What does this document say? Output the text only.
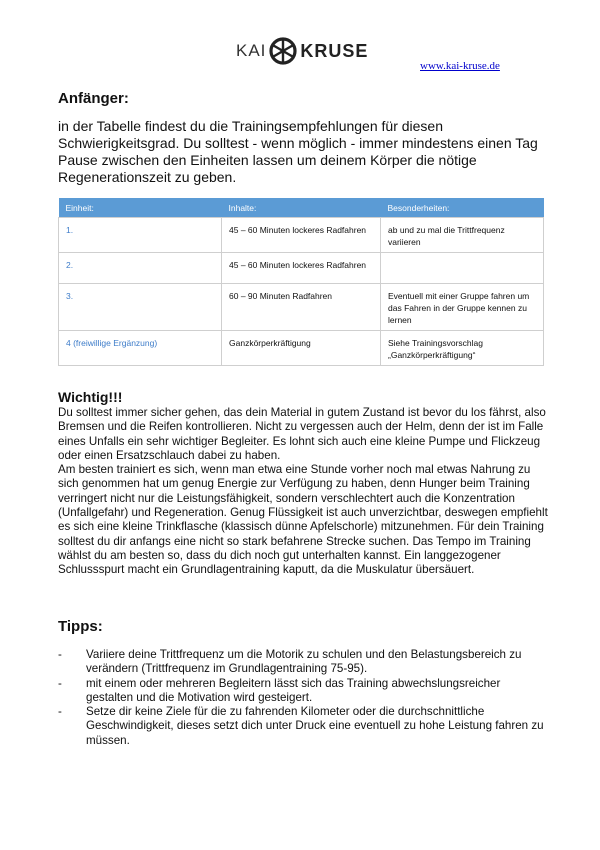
KAI KRUSE
www.kai-kruse.de
Anfänger:

in der Tabelle findest du die Trainingsempfehlungen für diesen Schwierigkeitsgrad. Du solltest - wenn möglich - immer mindestens einen Tag Pause zwischen den Einheiten lassen um deinem Körper die nötige Regenerationszeit zu geben.

Einheit:	Inhalte:	Besonderheiten:
1.	45 – 60 Minuten lockeres Radfahren	ab und zu mal die Trittfrequenz variieren
2.	45 – 60 Minuten lockeres Radfahren	
3.	60 – 90 Minuten Radfahren	Eventuell mit einer Gruppe fahren um das Fahren in der Gruppe kennen zu lernen
4 (freiwillige Ergänzung)	Ganzkörperkräftigung	Siehe Trainingsvorschlag „Ganzkörperkräftigung“
Wichtig!!!

Du solltest immer sicher gehen, das dein Material in gutem Zustand ist bevor du los fährst, also Bremsen und die Reifen kontrollieren. Nicht zu vergessen auch der Helm, denn der ist im Falle eines Unfalls ein sehr wichtiger Begleiter. Es lohnt sich auch eine kleine Pumpe und Flickzeug oder einen Ersatzschlauch dabei zu haben.

Am besten trainiert es sich, wenn man etwa eine Stunde vorher noch mal etwas Nahrung zu sich genommen hat um genug Energie zur Verfügung zu haben, denn Hunger beim Training verringert nicht nur die Leistungsfähigkeit, sondern verschlechtert auch die Konzentration (Unfallgefahr) und Regeneration. Genug Flüssigkeit ist auch unverzichtbar, deswegen empfiehlt es sich eine kleine Trinkflasche (klassisch dünne Apfelschorle) mitzunehmen. Für dein Training solltest du dir anfangs eine nicht so stark befahrene Strecke suchen. Das Tempo im Training wählst du am besten so, dass du dich noch gut unterhalten kannst. Ein langgezogener Schlussspurt macht ein Grundlagentraining kaputt, da die Muskulatur übersäuert.

Tipps:
- Variiere deine Trittfrequenz um die Motorik zu schulen und den Belastungsbereich zu verändern (Trittfrequenz im Grundlagentraining 75-95).
- mit einem oder mehreren Begleitern lässt sich das Training abwechslungsreicher gestalten und die Motivation wird gesteigert.
- Setze dir keine Ziele für die zu fahrenden Kilometer oder die durchschnittliche Geschwindigkeit, dieses setzt dich unter Druck eine eventuell zu hohe Leistung fahren zu müssen.
